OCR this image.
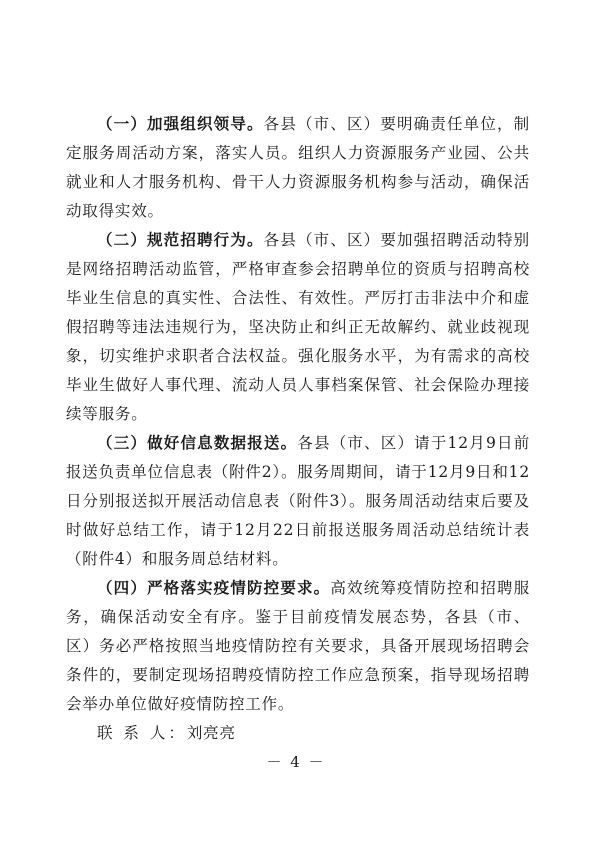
（一）加强组织领导。各县（市、区）要明确责任单位，制定服务周活动方案，落实人员。组织人力资源服务产业园、公共就业和人才服务机构、骨干人力资源服务机构参与活动，确保活动取得实效。

（二）规范招聘行为。各县（市、区）要加强招聘活动特别是网络招聘活动监管，严格审查参会招聘单位的资质与招聘高校毕业生信息的真实性、合法性、有效性。严厉打击非法中介和虚假招聘等违法违规行为，坚决防止和纠正无故解约、就业歧视现象，切实维护求职者合法权益。强化服务水平，为有需求的高校毕业生做好人事代理、流动人员人事档案保管、社会保险办理接续等服务。

（三）做好信息数据报送。各县（市、区）请于12月9日前报送负责单位信息表（附件2）。服务周期间，请于12月9日和12日分别报送拟开展活动信息表（附件3）。服务周活动结束后要及时做好总结工作，请于12月22日前报送服务周活动总结统计表（附件4）和服务周总结材料。

（四）严格落实疫情防控要求。高效统筹疫情防控和招聘服务，确保活动安全有序。鉴于目前疫情发展态势，各县（市、区）务必严格按照当地疫情防控有关要求，具备开展现场招聘会条件的，要制定现场招聘疫情防控工作应急预案，指导现场招聘会举办单位做好疫情防控工作。

联 系 人：刘亮亮

－ 4 －
